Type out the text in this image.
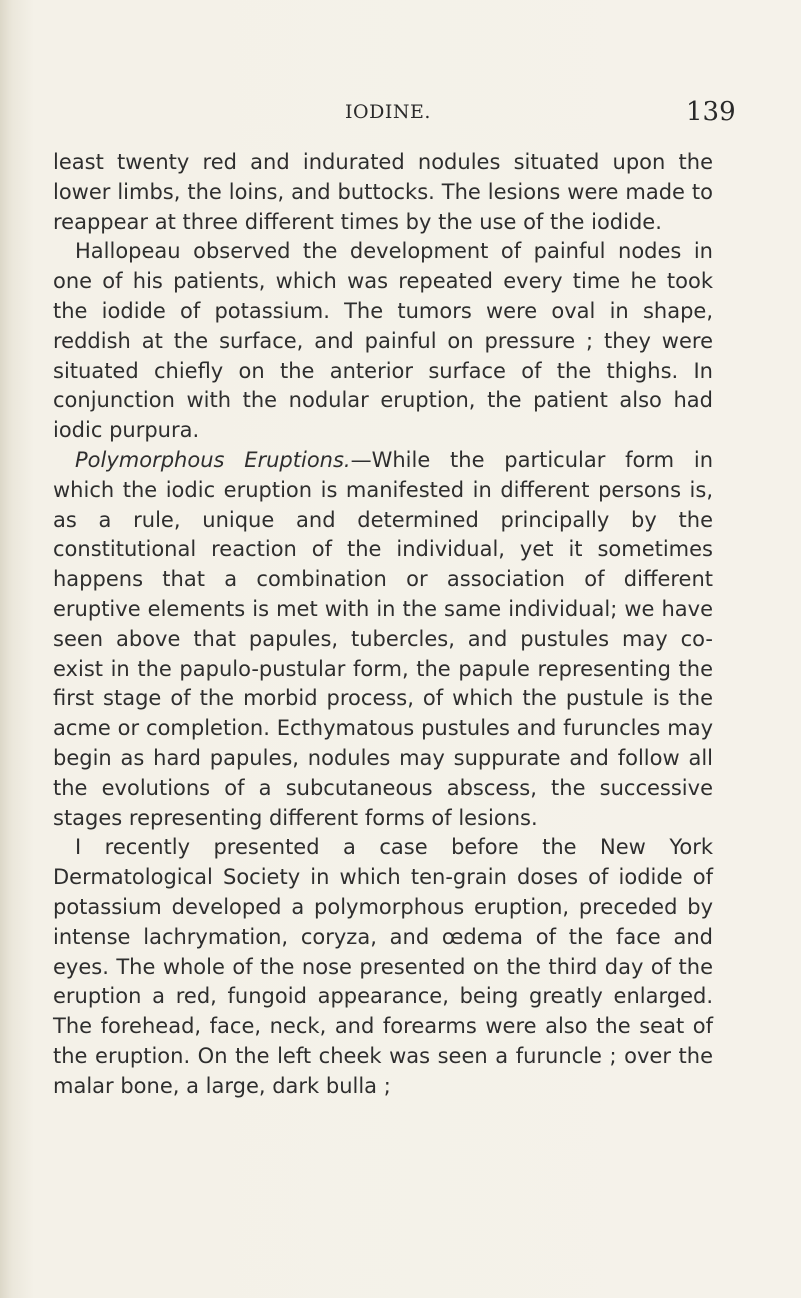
IODINE.	139

least twenty red and indurated nodules situated upon the lower limbs, the loins, and buttocks. The lesions were made to reappear at three different times by the use of the iodide.

Hallopeau observed the development of painful nodes in one of his patients, which was repeated every time he took the iodide of potassium. The tumors were oval in shape, reddish at the surface, and painful on pressure ; they were situated chiefly on the anterior surface of the thighs. In conjunction with the nodular eruption, the patient also had iodic purpura.

Polymorphous Eruptions.—While the particular form in which the iodic eruption is manifested in different persons is, as a rule, unique and determined principally by the constitutional reaction of the individual, yet it sometimes happens that a combination or association of different eruptive elements is met with in the same individual; we have seen above that papules, tubercles, and pustules may co-exist in the papulo-pustular form, the papule representing the first stage of the morbid process, of which the pustule is the acme or completion. Ecthymatous pustules and furuncles may begin as hard papules, nodules may suppurate and follow all the evolutions of a subcutaneous abscess, the successive stages representing different forms of lesions.

I recently presented a case before the New York Dermatological Society in which ten-grain doses of iodide of potassium developed a polymorphous eruption, preceded by intense lachrymation, coryza, and œdema of the face and eyes. The whole of the nose presented on the third day of the eruption a red, fungoid appearance, being greatly enlarged. The forehead, face, neck, and forearms were also the seat of the eruption. On the left cheek was seen a furuncle ; over the malar bone, a large, dark bulla ;
